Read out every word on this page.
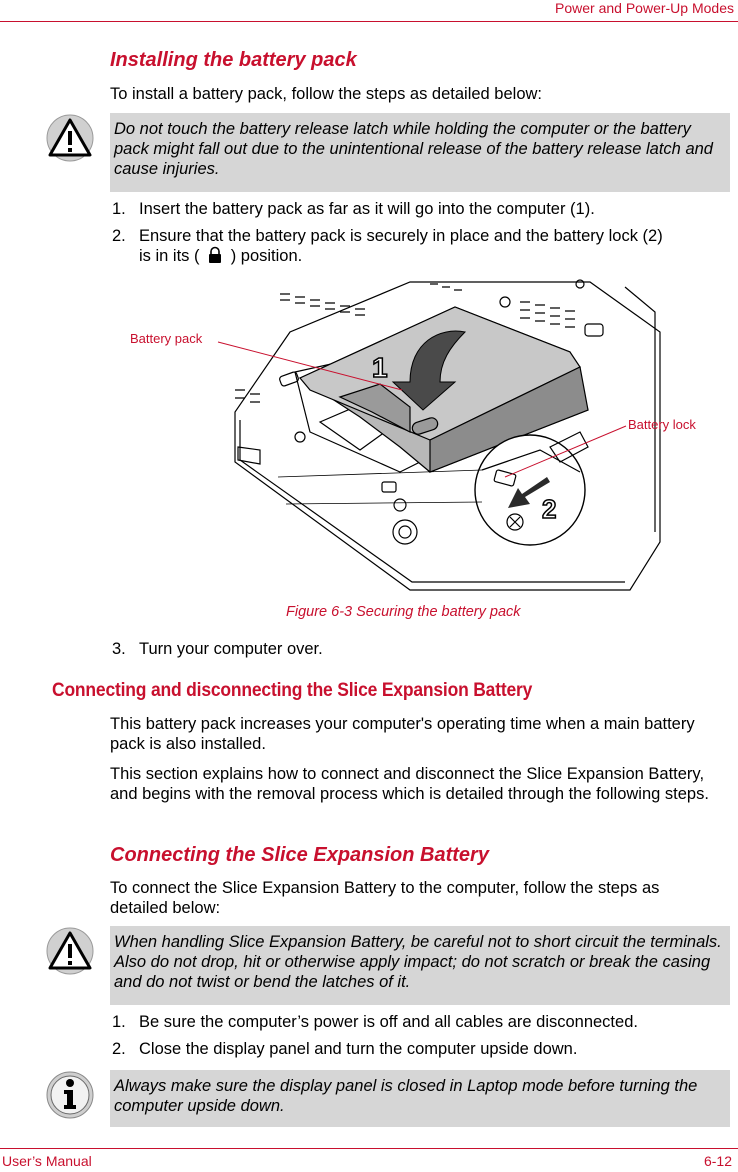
Power and Power-Up Modes
Installing the battery pack
To install a battery pack, follow the steps as detailed below:
Do not touch the battery release latch while holding the computer or the battery pack might fall out due to the unintentional release of the battery release latch and cause injuries.
1. Insert the battery pack as far as it will go into the computer (1).
2. Ensure that the battery pack is securely in place and the battery lock (2)
is in its ( ) position.
Battery pack
Battery lock
1
2
Figure 6-3 Securing the battery pack
3. Turn your computer over.
Connecting and disconnecting the Slice Expansion Battery
This battery pack increases your computer's operating time when a main battery pack is also installed.
This section explains how to connect and disconnect the Slice Expansion Battery, and begins with the removal process which is detailed through the following steps.
Connecting the Slice Expansion Battery
To connect the Slice Expansion Battery to the computer, follow the steps as detailed below:
When handling Slice Expansion Battery, be careful not to short circuit the terminals. Also do not drop, hit or otherwise apply impact; do not scratch or break the casing and do not twist or bend the latches of it.
1. Be sure the computer’s power is off and all cables are disconnected.
2. Close the display panel and turn the computer upside down.
Always make sure the display panel is closed in Laptop mode before turning the computer upside down.
User’s Manual	6-12
